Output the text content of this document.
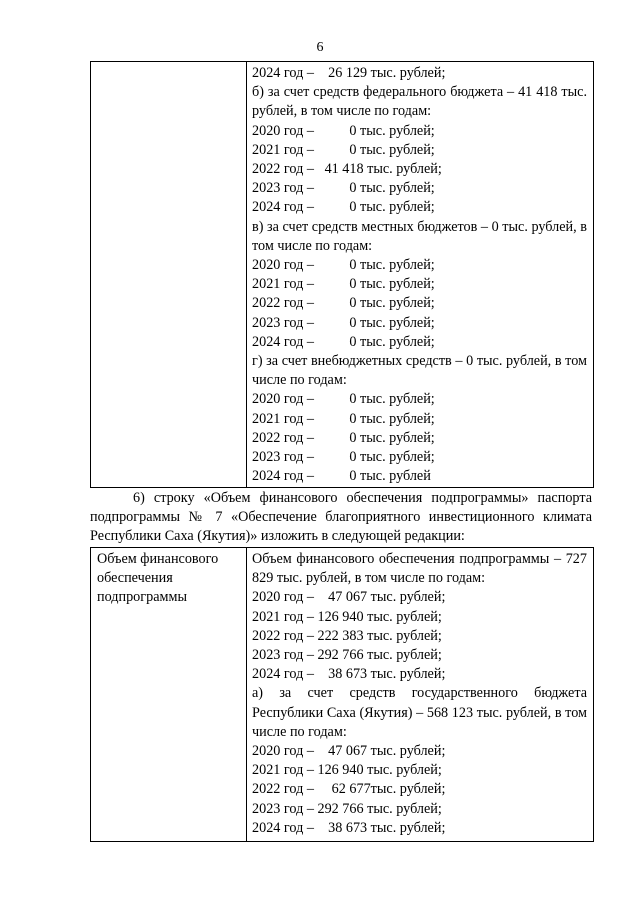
6
2024 год –    26 129 тыс. рублей;
б) за счет средств федерального бюджета – 41 418 тыс. рублей, в том числе по годам:
2020 год –          0 тыс. рублей;
2021 год –          0 тыс. рублей;
2022 год –   41 418 тыс. рублей;
2023 год –          0 тыс. рублей;
2024 год –          0 тыс. рублей;
в) за счет средств местных бюджетов – 0 тыс. рублей, в том числе по годам:
2020 год –          0 тыс. рублей;
2021 год –          0 тыс. рублей;
2022 год –          0 тыс. рублей;
2023 год –          0 тыс. рублей;
2024 год –          0 тыс. рублей;
г) за счет внебюджетных средств – 0 тыс. рублей, в том числе по годам:
2020 год –          0 тыс. рублей;
2021 год –          0 тыс. рублей;
2022 год –          0 тыс. рублей;
2023 год –          0 тыс. рублей;
2024 год –          0 тыс. рублей
6) строку «Объем финансового обеспечения подпрограммы» паспорта
подпрограммы № 7 «Обеспечение благоприятного инвестиционного климата
Республики Саха (Якутия)» изложить в следующей редакции:
Объем финансового обеспечения подпрограммы
Объем финансового обеспечения подпрограммы – 727 829 тыс. рублей, в том числе по годам:
2020 год –    47 067 тыс. рублей;
2021 год – 126 940 тыс. рублей;
2022 год – 222 383 тыс. рублей;
2023 год – 292 766 тыс. рублей;
2024 год –    38 673 тыс. рублей;
а) за счет средств государственного бюджета Республики Саха (Якутия) – 568 123 тыс. рублей, в том числе по годам:
2020 год –    47 067 тыс. рублей;
2021 год – 126 940 тыс. рублей;
2022 год –     62 677тыс. рублей;
2023 год – 292 766 тыс. рублей;
2024 год –    38 673 тыс. рублей;
